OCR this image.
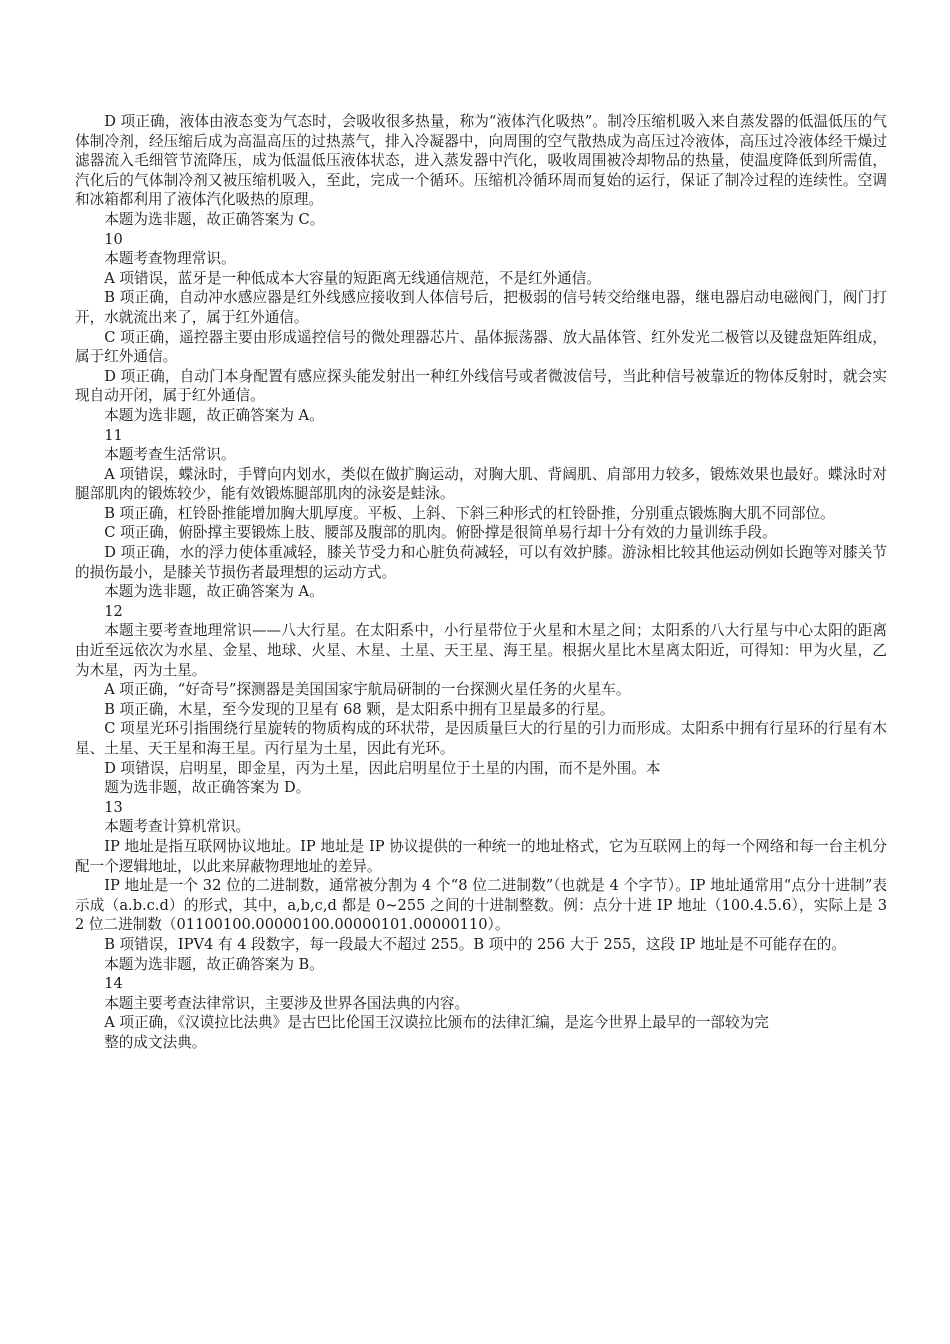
D 项正确，液体由液态变为气态时，会吸收很多热量，称为“液体汽化吸热”。制冷压缩机吸入来自蒸发器的低温低压的气体制冷剂，经压缩后成为高温高压的过热蒸气，排入冷凝器中，向周围的空气散热成为高压过冷液体，高压过冷液体经干燥过滤器流入毛细管节流降压，成为低温低压液体状态，进入蒸发器中汽化，吸收周围被冷却物品的热量，使温度降低到所需值，汽化后的气体制冷剂又被压缩机吸入，至此，完成一个循环。压缩机冷循环周而复始的运行，保证了制冷过程的连续性。空调和冰箱都利用了液体汽化吸热的原理。

本题为选非题，故正确答案为 C。

10

本题考查物理常识。

A 项错误，蓝牙是一种低成本大容量的短距离无线通信规范，不是红外通信。

B 项正确，自动冲水感应器是红外线感应接收到人体信号后，把极弱的信号转交给继电器，继电器启动电磁阀门，阀门打开，水就流出来了，属于红外通信。

C 项正确，遥控器主要由形成遥控信号的微处理器芯片、晶体振荡器、放大晶体管、红外发光二极管以及键盘矩阵组成，属于红外通信。

D 项正确，自动门本身配置有感应探头能发射出一种红外线信号或者微波信号，当此种信号被靠近的物体反射时，就会实现自动开闭，属于红外通信。

本题为选非题，故正确答案为 A。

11

本题考查生活常识。

A 项错误，蝶泳时，手臂向内划水，类似在做扩胸运动，对胸大肌、背阔肌、肩部用力较多，锻炼效果也最好。蝶泳时对腿部肌肉的锻炼较少，能有效锻炼腿部肌肉的泳姿是蛙泳。

B 项正确，杠铃卧推能增加胸大肌厚度。平板、上斜、下斜三种形式的杠铃卧推，分别重点锻炼胸大肌不同部位。

C 项正确，俯卧撑主要锻炼上肢、腰部及腹部的肌肉。俯卧撑是很简单易行却十分有效的力量训练手段。

D 项正确，水的浮力使体重减轻，膝关节受力和心脏负荷减轻，可以有效护膝。游泳相比较其他运动例如长跑等对膝关节的损伤最小，是膝关节损伤者最理想的运动方式。

本题为选非题，故正确答案为 A。

12

本题主要考查地理常识——八大行星。在太阳系中，小行星带位于火星和木星之间；太阳系的八大行星与中心太阳的距离由近至远依次为水星、金星、地球、火星、木星、土星、天王星、海王星。根据火星比木星离太阳近，可得知：甲为火星，乙为木星，丙为土星。

A 项正确，“好奇号”探测器是美国国家宇航局研制的一台探测火星任务的火星车。

B 项正确，木星，至今发现的卫星有 68 颗，是太阳系中拥有卫星最多的行星。

C 项星光环引指围绕行星旋转的物质构成的环状带，是因质量巨大的行星的引力而形成。太阳系中拥有行星环的行星有木星、土星、天王星和海王星。丙行星为土星，因此有光环。

D 项错误，启明星，即金星，丙为土星，因此启明星位于土星的内围，而不是外围。本

题为选非题，故正确答案为 D。

13

本题考查计算机常识。

IP 地址是指互联网协议地址。IP 地址是 IP 协议提供的一种统一的地址格式，它为互联网上的每一个网络和每一台主机分配一个逻辑地址，以此来屏蔽物理地址的差异。

IP 地址是一个 32 位的二进制数，通常被分割为 4 个“8 位二进制数”（也就是 4 个字节）。IP 地址通常用“点分十进制”表示成（a.b.c.d）的形式，其中，a,b,c,d 都是 0~255 之间的十进制整数。例：点分十进 IP 地址（100.4.5.6），实际上是 32 位二进制数（01100100.00000100.00000101.00000110）。

B 项错误，IPV4 有 4 段数字，每一段最大不超过 255。B 项中的 256 大于 255，这段 IP 地址是不可能存在的。

本题为选非题，故正确答案为 B。

14

本题主要考查法律常识，主要涉及世界各国法典的内容。

A 项正确，《汉谟拉比法典》是古巴比伦国王汉谟拉比颁布的法律汇编，是迄今世界上最早的一部较为完

整的成文法典。
